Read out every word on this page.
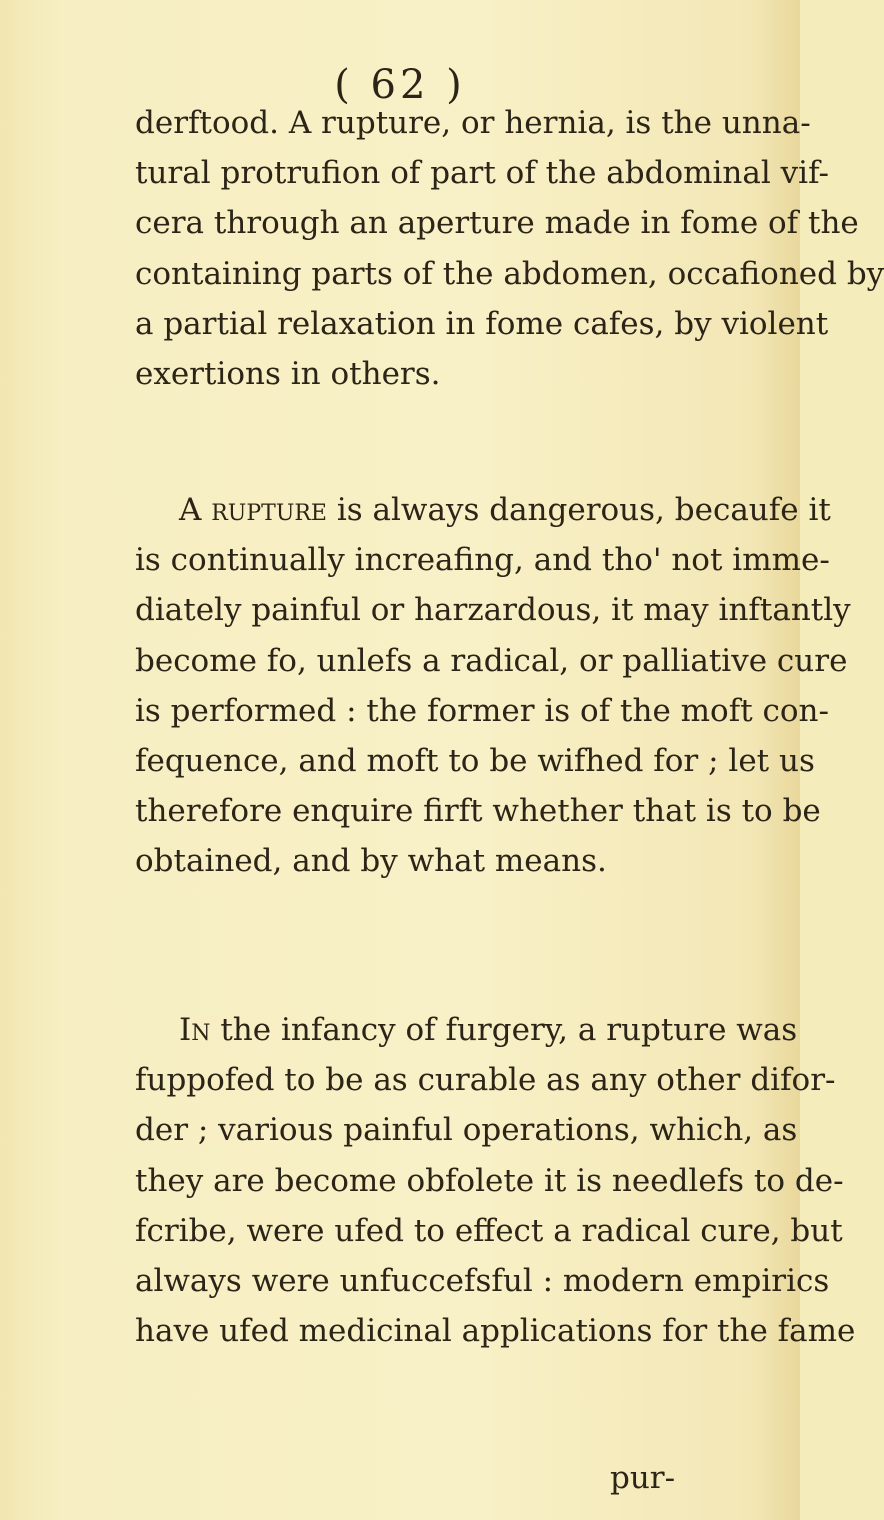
( 62 )
derftood. A rupture, or hernia, is the unna-
tural protrufion of part of the abdominal vif-
cera through an aperture made in fome of the
containing parts of the abdomen, occafioned by
a partial relaxation in fome cafes, by violent
exertions in others.
A rupture is always dangerous, becaufe it
is continually increafing, and tho' not imme-
diately painful or harzardous, it may inftantly
become fo, unlefs a radical, or palliative cure
is performed : the former is of the moft con-
fequence, and moft to be wifhed for ; let us
therefore enquire firft whether that is to be
obtained, and by what means.
In the infancy of furgery, a rupture was
fuppofed to be as curable as any other difor-
der ; various painful operations, which, as
they are become obfolete it is needlefs to de-
fcribe, were ufed to effect a radical cure, but
always were unfuccefsful : modern empirics
have ufed medicinal applications for the fame
pur-
